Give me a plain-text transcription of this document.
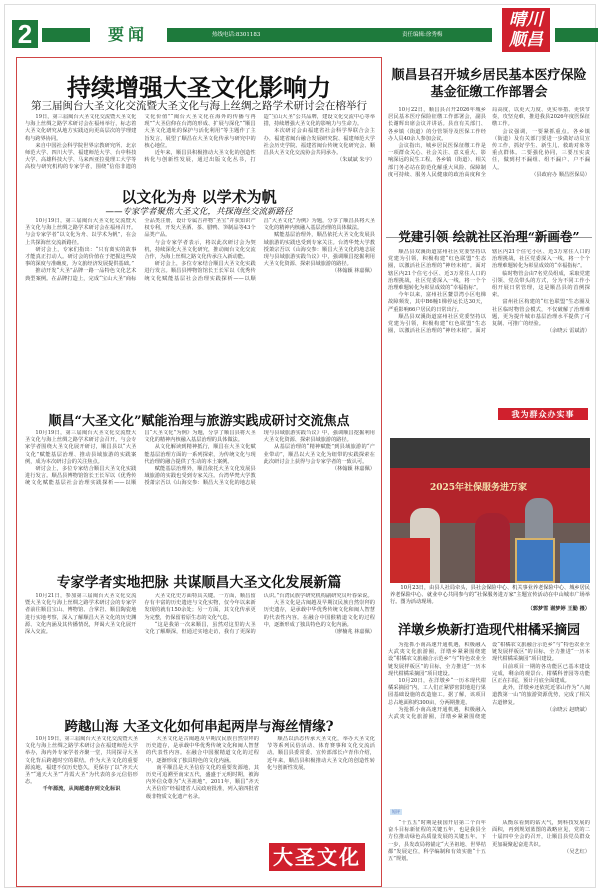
2	要闻	热线电话:8301183	责任编辑:徐秀梅
晴川
顺昌
持续增强大圣文化影响力
第三届闽台大圣文化交流暨大圣文化与海上丝绸之路学术研讨会在榕举行

19日，第三届闽台大圣文化交流暨大圣文化与海上丝绸之路学术研讨会在福州举行，标志着大圣文化研究从地方实践迈向更高层次的学理建构与跨界协同。

来自中国社会科学院世界宗教研究所、北京师范大学、四川大学、福建师范大学、台中科技大学、高雄科技大学、马来西亚拉曼理工大学等高校与研究机构的专家学者，围绕“信俗非遗的文化价值”“闽台大圣文化在海外的传播与再现”“大圣信仰在台湾的形成、扩展与深化”“顺昌大圣文化遗址的保护与活化利用”等主题作了主旨发言，展望了顺昌在大圣文化传承与研究中的核心地位。

近年来，顺昌县积极推动大圣文化的创造性转化与创新性发展，通过出版文化丛书，打造“宝山大圣”公共品牌，建设文化交流中心等举措，持续增强大圣文化的影响力与生命力。

本次研讨会由福建省社会科学界联合会主办，福建省闽台融合发展研究院、福建师范大学社会历史学院、福建省闽台传统文化研究会、顺昌县大圣文化交流协会共同承办。

（朱斌斌 朱宇）

以文化为舟 以学术为帆
——专家学者聚焦大圣文化，共探海丝交流新路径

10月19日，第三届闽台大圣文化交流暨大圣文化与海上丝绸之路学术研讨会在福州召开。与会专家学者“以文化为舟、以学术为帆”，在会上共探海丝交流新路径。

研讨会上，专家们指出：“只有离实的故事才能真正打动人。研讨会的价值在于把握这些故事的深度与准确度，为文旅经济发展提供基础。”

推动开发“大圣”品牌一路一品特色文化艺术典型案例。在品牌打造上，完成“宝山大圣”商标全品类注册，设计专属吉祥物“圣宝”并获知识产权专利，开发大圣酒、茶、腊鸭、笋制品等43个品类产品。

与会专家学者表示，将以此次研讨会为契机，持续深化大圣文化研究，推动闽台文化交流合作，为海上丝绸之路文化传承注入新动能。

研讨会上，多位专家结合顺昌大圣文化实践进行发言。顺昌县博物馆馆长王长军以《优秀传统文化赋能基层社会治理实践探析——以顺昌“大圣文化”为例》为题，分享了顺昌县将大圣文化的精神内核融入基层治理的具体做法。

赋能基层治理外，顺昌依托大圣文化发展县域旅游的实践也受到专家关注。台湾华梵大学教授萧宗吾以《山海交参：顺昌大圣文化的地志展现与县域旅游实践刍议》中，强调顺昌挖掘利用大圣文化资源、探索县域旅游的路径。

（林翰颖 林嘉佩）

顺昌“大圣文化”赋能治理与旅游实践成研讨交流焦点

10月19日，第三届闽台大圣文化交流暨大圣文化与海上丝绸之路学术研讨会召开。与会专家学者围绕大圣文化展开研讨，顺昌县以“大圣文化”赋能基层治理、推动县域旅游的实践案例，成为本次研讨会的关注焦点。

研讨会上，多位专家结合顺昌大圣文化实践进行发言。顺昌县博物馆馆长王长军以《优秀传统文化赋能基层社会治理实践探析——以顺昌“大圣文化”为例》为题，分享了顺昌县将大圣文化的精神内核融入基层治理的具体做法。

从文化解读到精神抵行，顺昌在大圣文化赋能基层治理方面的一系列探索，为传统文化与现代治理的融合提供了生动的本土案例。

赋能基层治理外，顺昌依托大圣文化发展县域旅游的实践也受到专家关注。台湾华梵大学教授萧宗吾以《山海交参：顺昌大圣文化的地志展现与县域旅游实践刍议》中，强调顺昌挖掘利用大圣文化资源、探索县域旅游的路径。

从基层治理的“精神赋能”到县域旅游的“产业带动”，顺昌以大圣文化为纽带的实践探索在此次研讨会上获得与会专家学者的一致认可。

（林翰颖 林嘉佩）

专家学者实地把脉 共谋顺昌大圣文化发展新篇

10月21日，参加第三届闽台大圣文化交流暨大圣文化与海上丝绸之路学术研讨会的专家学者前往顺昌宝山、博物馆、合掌岩、顺昌陶瓷地进行实地考察，深入了解顺昌大圣文化的历史渊源、文化内涵及其传播情况，拜谒大圣文化展开深入交流。

大圣文化史方面特具关键。一方面，顺昌留存有丰富的历史遗迹与文化实物，仅今年以来新发现的就有150余处；另一方面，其文化传承更为完整，仍保留着原生态的文化气息。

“这是我第一次来顺昌，虽然对这里的大圣文化了解颇深，但通过实地走访，我有了更深的认识。”台湾民族学研究机构副研究员叶春荣说。

大圣文化是古闽越及早期汉民族自然崇拜的历史遗存，是承载中华优秀传统文化和闽人智慧的代表性内容。在融合中国猴精道文化的过程中，逐渐形成了独具特色的文化内涵。

（廖楠兆 林嘉佩）

跨越山海 大圣文化如何串起两岸与海丝情缘?

10月19日，第三届闽台大圣文化交流暨大圣文化与海上丝绸之路学术研讨会在福建师范大学举办，海内外专家学者齐聚一堂，共同探寻大圣文化背后跨越时空的联结。作为大圣文化的重要源流地，福建不仅历史悠久，更保存了以“齐天大圣”“通天大圣”“丹霞大圣”为代表的多元信俗形态。

千年源流，从闽越遗存到文化标识

大圣文化是古闽越及早期汉民族自然崇拜的历史遗存，是承载中华优秀传统文化和闽人智慧的代表性内容。在融合中国猴精道文化的过程中，逐渐形成了独具特色的文化内涵。

南平顺昌是大圣信俗文化的重要发源地，其历史可追溯至南宋五代，盛盛于元明时期，被海内外信众尊为“大圣祖地”。2011年，顺昌“齐天大圣信俗”经福建省人民政府批准，列入第四批省级非物质文化遗产名录。

顺昌以活态传承大圣文化，举办大圣文化节等系列民俗活动、体育赛事和文化交流活动。顺昌县委常委、宣传部部长卢青伟介绍，近年来，顺昌县积极推动大圣文化的创造性转化与创新性发展。

大圣文化
顺昌县召开城乡居民基本医疗保险基金征缴工作部署会

10月22日，顺昌县召开2026年城乡居民基本医疗保险征缴工作部署会，副县长谢辉出席会议并讲话。县直有关部门、各乡镇（街道）的分管领导及医保工作经办人员40余人参加会议。

会议指出，城乡居民医保征缴工作是一项群众关心、社会关注、意义重大、影响深远的民生工程。各乡镇（街道）、相关部门务必站在防范化解重大风险、保障制度可持续、服务人民健康的政治高度和全局高度，以更大力度、更实举措、更快节奏，攻坚克难，推进我县2026年度医保征缴工作。

会议强调，一要紧抓重点。各乡镇（街道）及有关部门要进一步做好动员宣传工作，抓好学生、新生儿、救助对象等重点群体。二要强化协同，三要压实责任，做到村不漏组、组不漏户、户不漏人。

（县政府办 顺昌医保局）

党建引领 绘就社区治理“新画卷”

顺昌县双溪街道富州社区党委坚持以党建为引领，积极构建“红色联盟”生态圈，以激活社区治理的“神经末梢”。面对辖区内21个住宅小区、近3万常住人口的治理挑战，社区党委深入一线，将一个个治理难题转化为彰显成效的“幸福指标”。

今年以来，富州社区鳌景湾小区电梯故障频发，其中B6幢1梯停运长达30天，严重影响66户居民的日常出行。

顺昌县双溪街道富州社区党委坚持以党建为引领，积极构建“红色联盟”生态圈，以激活社区治理的“神经末梢”。面对辖区内21个住宅小区、近3万常住人口的治理挑战，社区党委深入一线，将一个个治理难题转化为彰显成效的“幸福指标”。

临时物管会由7名党员组成，采取党建引领、党员带头的方式，分为不同工作小组开展日常管理，这是顺昌县的首例探索。

富州社区构建的“红色联盟”生态圈及社区临时物管会模式，不仅破解了治理难题，更为提升城市基层治理水平提供了可复制、可推广的经验。

（余晓云 雷斌清）

我为群众办实事
2025年社保服务进万家

10月23日，由县人社局牵头，县社会保险中心、机关事业养老保险中心、城乡居民养老保险中心、就业中心共同参与的“社保服务进万家”主题宣传活动在中山城市广场举行。图为活动现场。

（郭梦雪 谢梦婷 王勤 摄）

洋墩乡焕新打造现代柑橘采摘园

为抢抓小南高速开通机遇，积极融入大武夷文化旅游圈，洋墩乡紧紧围绕建设“柑橘农文旅融合示范乡”与“特色农业全链发展样板区”的目标，全力推进“一历本现代柑橘采摘园”项目建设。

10月20日，在洋墩乡“一历本现代柑橘采摘园”内，工人们正紧锣密鼓地进行果园基础设施的改造施工。据了解，该项目总占地面积约300亩，分两期推进。

为抢抓小南高速开通机遇，积极融入大武夷文化旅游圈，洋墩乡紧紧围绕建设“柑橘农文旅融合示范乡”与“特色农业全链发展样板区”的目标，全力推进“一历本现代柑橘采摘园”项目建设。

目前项目一期的各功能区已基本建设完成，剩余的观景台、柑橘科普园等功能区正在扫尾，预计月底全面建成。

此外，洋墩乡还依托近邻山作为“八闽道教第一山”的旅游资源优势，完成了相关古道修复。

（余晓云 赵晓斌）

短评

“十五五”时期是我国开启第二个百年奋斗目标新征程的关键五年，也是我县全方位推动绿色高质量发展的关键五年。下一步，县发改局将锚定“大圣祖地、世界桔都”发展定位，科学编制和有效实施“十五五”规划。

从衡东看到的钻大气，到科技发展的面积，再到规划蓝图的战略应见，党的二十届四中全会的召开，让顺昌县党员群众更加凝聚起奋进共识。

（吴艺红）
